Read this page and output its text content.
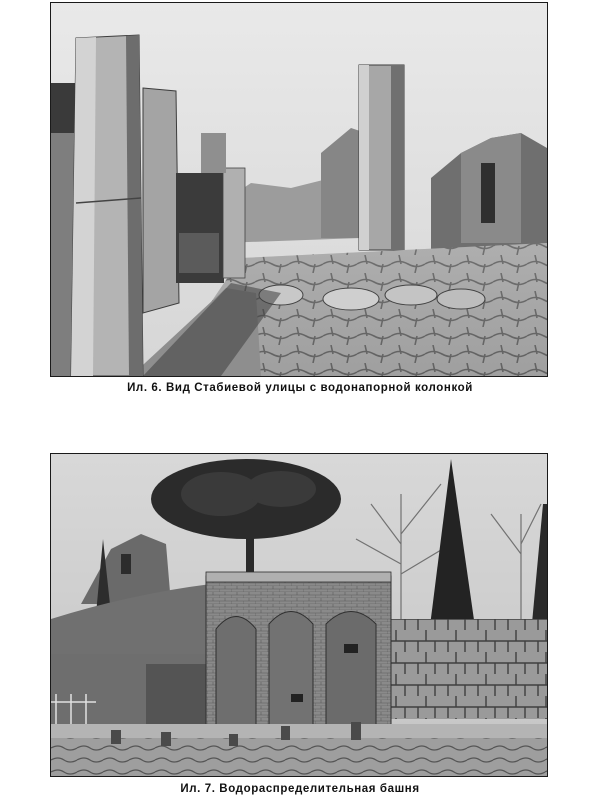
Ил. 6. Вид Стабиевой улицы с водонапорной колонкой
Ил. 7. Водораспределительная башня
